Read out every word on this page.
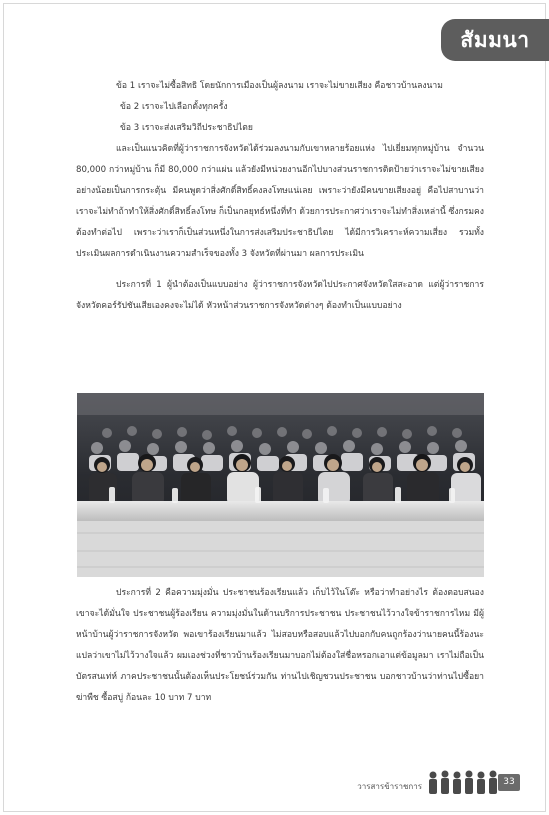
สัมมนา

ข้อ 1 เราจะไม่ซื้อสิทธิ โดยนักการเมืองเป็นผู้ลงนาม เราจะไม่ขายเสียง คือชาวบ้านลงนาม

ข้อ 2 เราจะไปเลือกตั้งทุกครั้ง

ข้อ 3 เราจะส่งเสริมวิถีประชาธิปไตย

และเป็นแนวคิดที่ผู้ว่าราชการจังหวัดได้ร่วมลงนามกับเขาหลายร้อยแห่ง ไปเยี่ยมทุกหมู่บ้าน จำนวน 80,000 กว่าหมู่บ้าน ก็มี 80,000 กว่าแผ่น แล้วยังมีหน่วยงานอีกไปบางส่วนราชการติดป้ายว่าเราจะไม่ขายเสียง อย่างน้อยเป็นการกระตุ้น มีคนพูดว่าสิ่งศักดิ์สิทธิ์คงลงโทษแน่เลย เพราะว่ายังมีคนขายเสียงอยู่ คือไปสาบานว่าเราจะไม่ทำถ้าทำให้สิ่งศักดิ์สิทธิ์ลงโทษ ก็เป็นกลยุทธ์หนึ่งที่ทำ ด้วยการประกาศว่าเราจะไม่ทำสิ่งเหล่านี้ ซึ่งกรมคงต้องทำต่อไป เพราะว่าเราก็เป็นส่วนหนึ่งในการส่งเสริมประชาธิปไตย ได้มีการวิเคราะห์ความเสี่ยง รวมทั้งประเมินผลการดำเนินงานความสำเร็จของทั้ง 3 จังหวัดที่ผ่านมา ผลการประเมิน

ประการที่ 1 ผู้นำต้องเป็นแบบอย่าง ผู้ว่าราชการจังหวัดไปประกาศจังหวัดใสสะอาด แต่ผู้ว่าราชการจังหวัดคอร์รัปชันเสียเองคงจะไม่ได้ หัวหน้าส่วนราชการจังหวัดต่างๆ ต้องทำเป็นแบบอย่าง

ประการที่ 2 คือความมุ่งมั่น ประชาชนร้องเรียนแล้ว เก็บไว้ในโต๊ะ หรือว่าทำอย่างไร ต้องตอบสนอง เขาจะได้มั่นใจ ประชาชนผู้ร้องเรียน ความมุ่งมั่นในด้านบริการประชาชน ประชาชนไว้วางใจข้าราชการไหม มีผู้หน้าบ้านผู้ว่าราชการจังหวัด พอเขาร้องเรียนมาแล้ว ไม่สอบหรือสอบแล้วไปบอกกับคนถูกร้องว่านายคนนี้ร้องนะ แปลว่าเขาไม่ไว้วางใจแล้ว ผมเองช่วงที่ชาวบ้านร้องเรียนมาบอกไม่ต้องใส่ชื่อหรอกเอาแต่ข้อมูลมา เราไม่ถือเป็นบัตรสนเท่ห์ ภาคประชาชนนั้นต้องเห็นประโยชน์ร่วมกัน ท่านไปเชิญชวนประชาชน บอกชาวบ้านว่าท่านไปซื้อยาฆ่าพืช ซื้อสบู่ ก้อนละ 10 บาท 7 บาท

วารสารข้าราชการ	33
